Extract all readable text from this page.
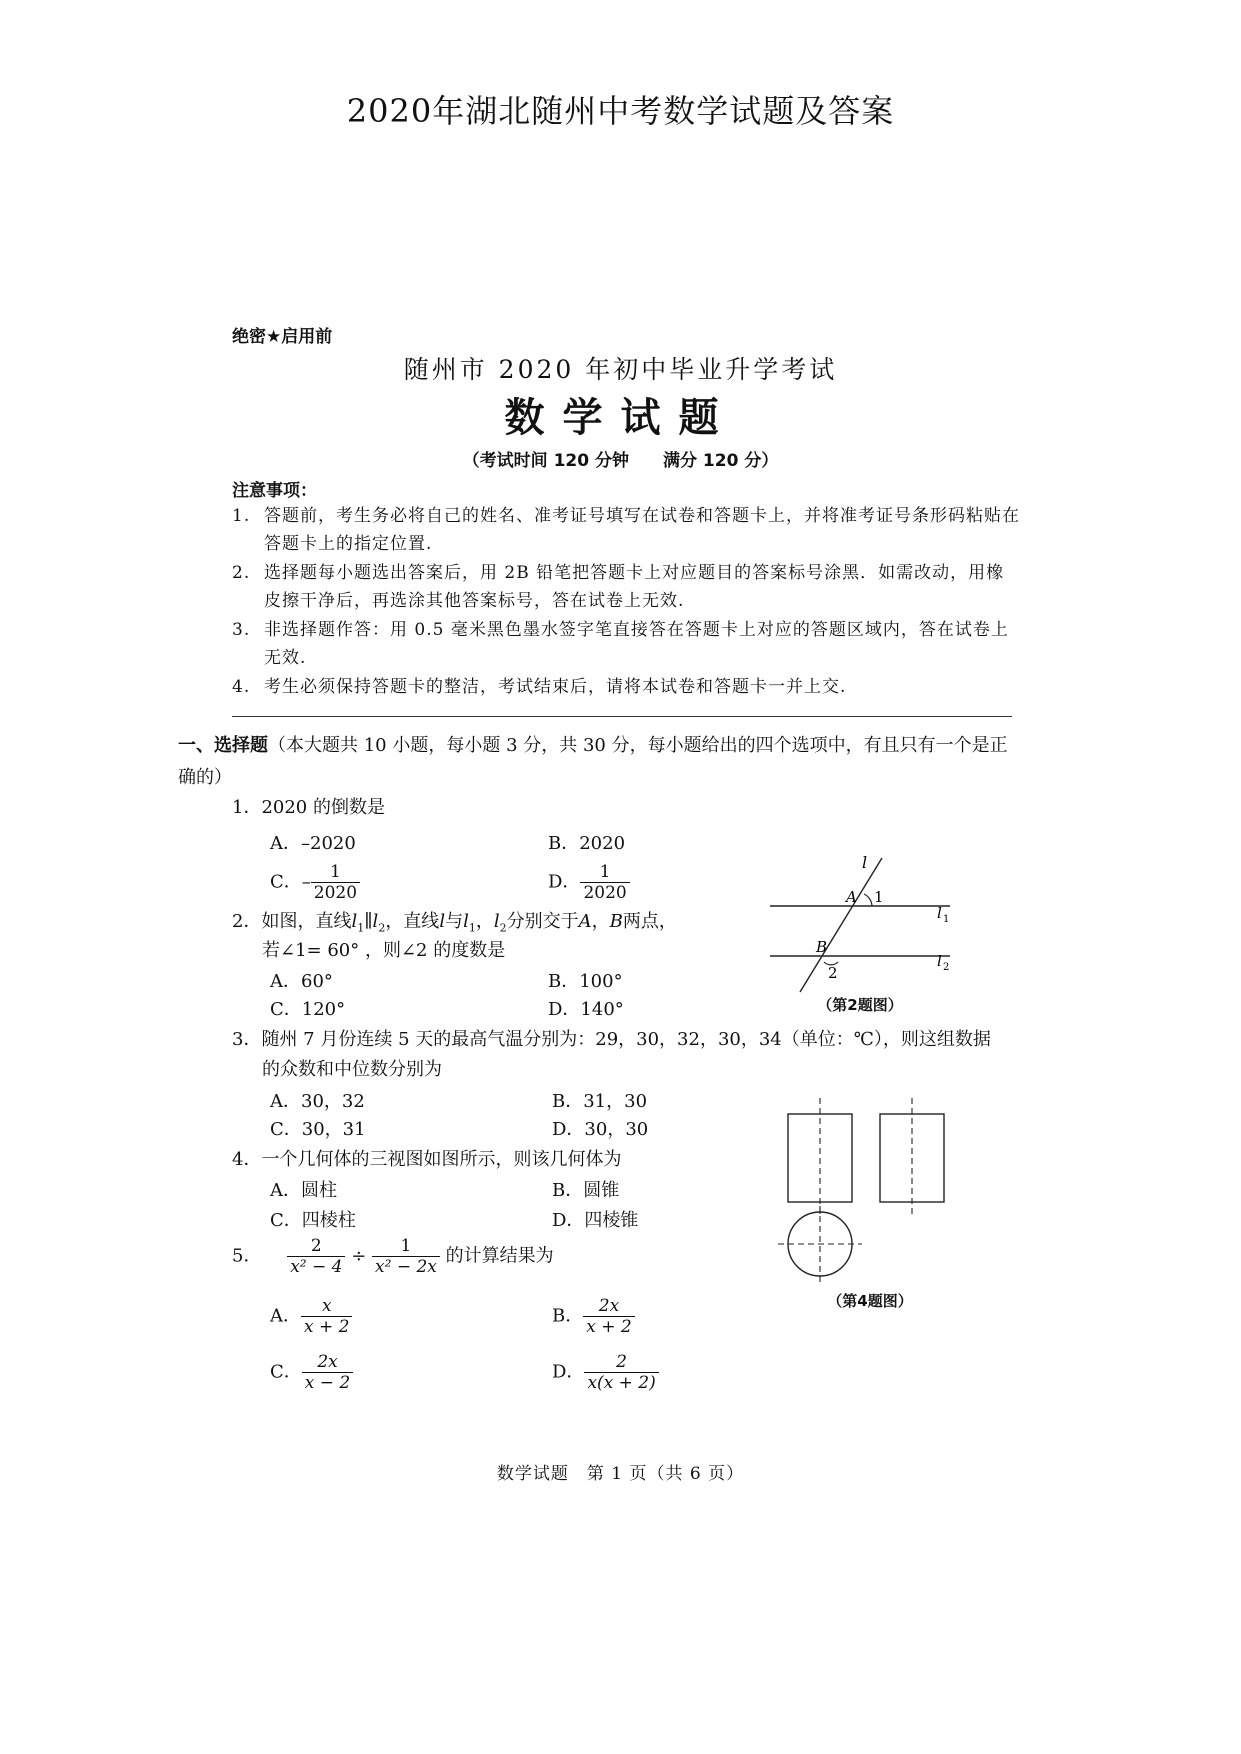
2020年湖北随州中考数学试题及答案
绝密★启用前
随州市 2020 年初中毕业升学考试
数学试题
（考试时间 120 分钟　　满分 120 分）
注意事项：
1. 答题前，考生务必将自己的姓名、准考证号填写在试卷和答题卡上，并将准考证号条形码粘贴在答题卡上的指定位置.
2. 选择题每小题选出答案后，用 2B 铅笔把答题卡上对应题目的答案标号涂黑．如需改动，用橡皮擦干净后，再选涂其他答案标号，答在试卷上无效.
3. 非选择题作答：用 0.5 毫米黑色墨水签字笔直接答在答题卡上对应的答题区域内，答在试卷上无效.
4. 考生必须保持答题卡的整洁，考试结束后，请将本试卷和答题卡一并上交.
一、选择题（本大题共 10 小题，每小题 3 分，共 30 分，每小题给出的四个选项中，有且只有一个是正确的）
1．2020 的倒数是
A．–2020	B．2020
C．– $\frac{1}{2020}$	D． $\frac{1}{2020}$
2．如图，直线$l_1\parallel l_2$，直线l与$l_1$，$l_2$分别交于A，B两点，
若∠1= 60° ，则∠2 的度数是
A．60°	B．100°
C．120°	D．140°
l
l 1
l 2
A 1
B
2
（第2题图）
3．随州 7 月份连续 5 天的最高气温分别为：29，30，32，30，34（单位：℃），则这组数据
的众数和中位数分别为
A．30，32	B．31，30
C．30，31	D．30，30
4．一个几何体的三视图如图所示，则该几何体为
A．圆柱	B．圆锥
C．四棱柱	D．四棱锥
（第4题图）
5． $\frac{2}{\text{x² − 4}} \div \frac{1}{\text{x² − 2x}}$ 的计算结果为
A． $\frac{x}{x + 2}$	B． $\frac{2x}{x + 2}$
C． $\frac{2x}{x - 2}$	D． $\frac{2}{x(x + 2)}$
数学试题　第 1 页（共 6 页）
